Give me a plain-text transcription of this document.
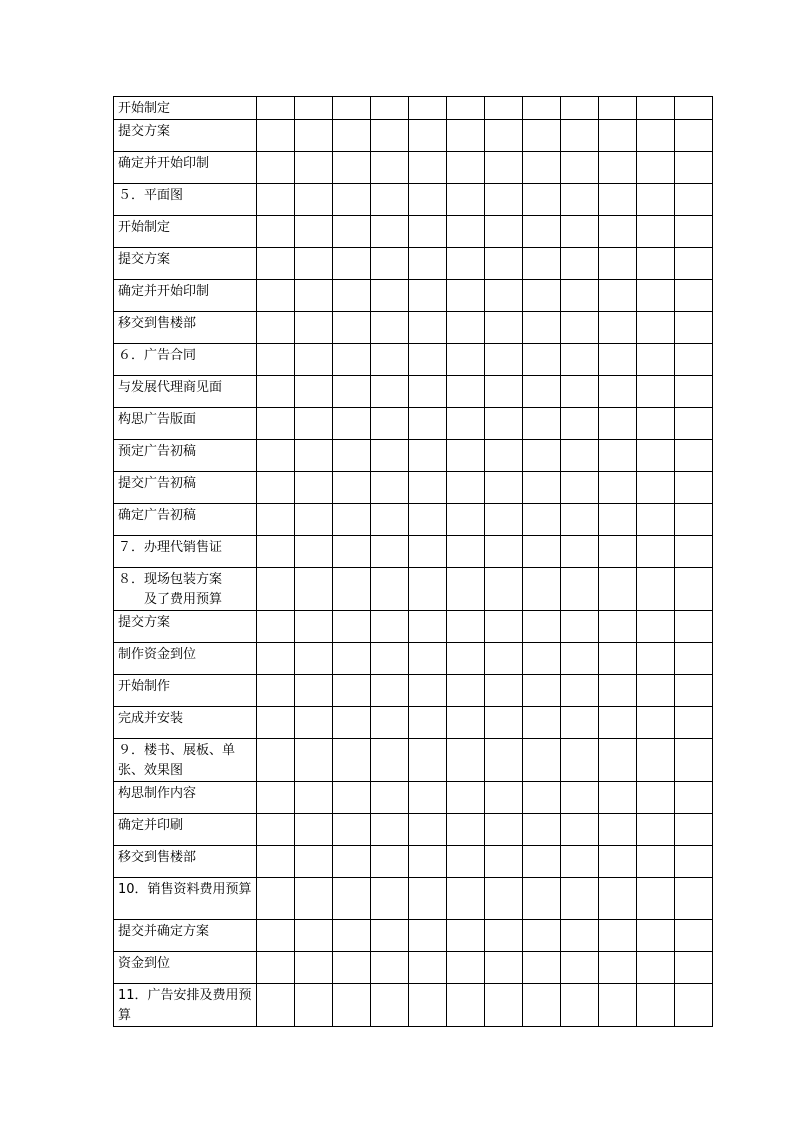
开始制定												
提交方案												
确定并开始印制												
５．平面图												
开始制定												
提交方案												
确定并开始印制												
移交到售楼部												
６．广告合同												
与发展代理商见面												
构思广告版面												
预定广告初稿												
提交广告初稿												
确定广告初稿												
７．办理代销售证												
８．现场包装方案
　　及了费用预算												
提交方案												
制作资金到位												
开始制作												
完成并安装												
９．楼书、展板、单张、效果图												
构思制作内容												
确定并印刷												
移交到售楼部												
10．销售资料费用预算												
提交并确定方案												
资金到位												
11．广告安排及费用预算												
